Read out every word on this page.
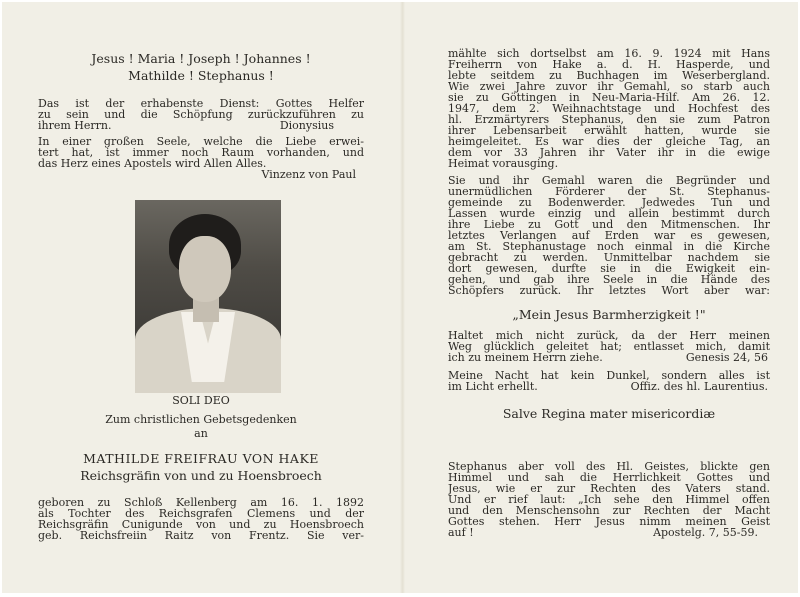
Jesus ! Maria ! Joseph ! Johannes !
Mathilde ! Stephanus !
Das ist der erhabenste Dienst: Gottes Helfer
zu sein und die Schöpfung zurückzuführen zu
ihrem Herrn.	Dionysius
In einer großen Seele, welche die Liebe erwei-
tert hat, ist immer noch Raum vorhanden, und
das Herz eines Apostels wird Allen Alles.
Vinzenz von Paul
SOLI DEO
Zum christlichen Gebetsgedenken
an
MATHILDE FREIFRAU VON HAKE
Reichsgräfin von und zu Hoensbroech
geboren zu Schloß Kellenberg am 16. 1. 1892
als Tochter des Reichsgrafen Clemens und der
Reichsgräfin Cunigunde von und zu Hoensbroech
geb. Reichsfreiin Raitz von Frentz. Sie ver-
mählte sich dortselbst am 16. 9. 1924 mit Hans
Freiherrn von Hake a. d. H. Hasperde, und
lebte seitdem zu Buchhagen im Weserbergland.
Wie zwei Jahre zuvor ihr Gemahl, so starb auch
sie zu Göttingen in Neu-Maria-Hilf. Am 26. 12.
1947, dem 2. Weihnachtstage und Hochfest des
hl. Erzmärtyrers Stephanus, den sie zum Patron
ihrer Lebensarbeit erwählt hatten, wurde sie
heimgeleitet. Es war dies der gleiche Tag, an
dem vor 33 Jahren ihr Vater ihr in die ewige
Heimat vorausging.
Sie und ihr Gemahl waren die Begründer und
unermüdlichen Förderer der St. Stephanus-
gemeinde zu Bodenwerder. Jedwedes Tun und
Lassen wurde einzig und allein bestimmt durch
ihre Liebe zu Gott und den Mitmenschen. Ihr
letztes Verlangen auf Erden war es gewesen,
am St. Stephanustage noch einmal in die Kirche
gebracht zu werden. Unmittelbar nachdem sie
dort gewesen, durfte sie in die Ewigkeit ein-
gehen, und gab ihre Seele in die Hände des
Schöpfers zurück. Ihr letztes Wort aber war:
„Mein Jesus Barmherzigkeit !"
Haltet mich nicht zurück, da der Herr meinen
Weg glücklich geleitet hat; entlasset mich, damit
ich zu meinem Herrn ziehe.	Genesis 24, 56
Meine Nacht hat kein Dunkel, sondern alles ist
im Licht erhellt.	Offiz. des hl. Laurentius.
Salve Regina mater misericordiæ
Stephanus aber voll des Hl. Geistes, blickte gen
Himmel und sah die Herrlichkeit Gottes und
Jesus, wie er zur Rechten des Vaters stand.
Und er rief laut: „Ich sehe den Himmel offen
und den Menschensohn zur Rechten der Macht
Gottes stehen. Herr Jesus nimm meinen Geist
auf !	Apostelg. 7, 55-59.
